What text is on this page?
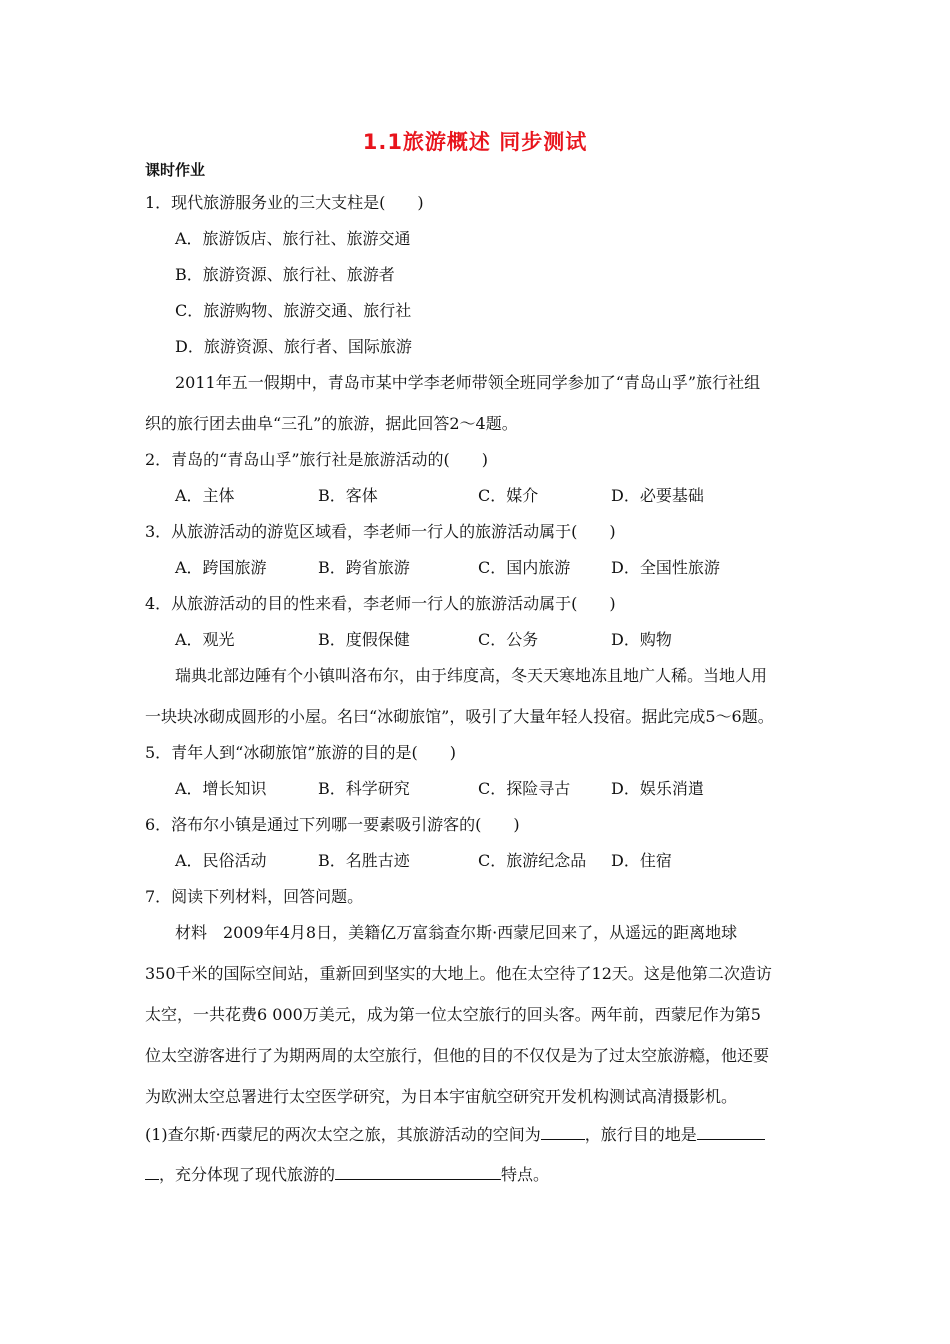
1.1旅游概述 同步测试
课时作业
1．现代旅游服务业的三大支柱是(　　)
A．旅游饭店、旅行社、旅游交通
B．旅游资源、旅行社、旅游者
C．旅游购物、旅游交通、旅行社
D．旅游资源、旅行者、国际旅游
2011年五一假期中，青岛市某中学李老师带领全班同学参加了“青岛山孚”旅行社组
织的旅行团去曲阜“三孔”的旅游，据此回答2～4题。
2．青岛的“青岛山孚”旅行社是旅游活动的(　　)
A．主体	B．客体	C．媒介	D．必要基础
3．从旅游活动的游览区域看，李老师一行人的旅游活动属于(　　)
A．跨国旅游	B．跨省旅游	C．国内旅游	D．全国性旅游
4．从旅游活动的目的性来看，李老师一行人的旅游活动属于(　　)
A．观光	B．度假保健	C．公务	D．购物
瑞典北部边陲有个小镇叫洛布尔，由于纬度高，冬天天寒地冻且地广人稀。当地人用
一块块冰砌成圆形的小屋。名曰“冰砌旅馆”，吸引了大量年轻人投宿。据此完成5～6题。
5．青年人到“冰砌旅馆”旅游的目的是(　　)
A．增长知识	B．科学研究	C．探险寻古	D．娱乐消遣
6．洛布尔小镇是通过下列哪一要素吸引游客的(　　)
A．民俗活动	B．名胜古迹	C．旅游纪念品 D．住宿
7．阅读下列材料，回答问题。
材料　2009年4月8日，美籍亿万富翁查尔斯·西蒙尼回来了，从遥远的距离地球
350千米的国际空间站，重新回到坚实的大地上。他在太空待了12天。这是他第二次造访
太空，一共花费6 000万美元，成为第一位太空旅行的回头客。两年前，西蒙尼作为第5
位太空游客进行了为期两周的太空旅行，但他的目的不仅仅是为了过太空旅游瘾，他还要
为欧洲太空总署进行太空医学研究，为日本宇宙航空研究开发机构测试高清摄影机。
(1)查尔斯·西蒙尼的两次太空之旅，其旅游活动的空间为	，旅行目的地是
，充分体现了现代旅游的	特点。
